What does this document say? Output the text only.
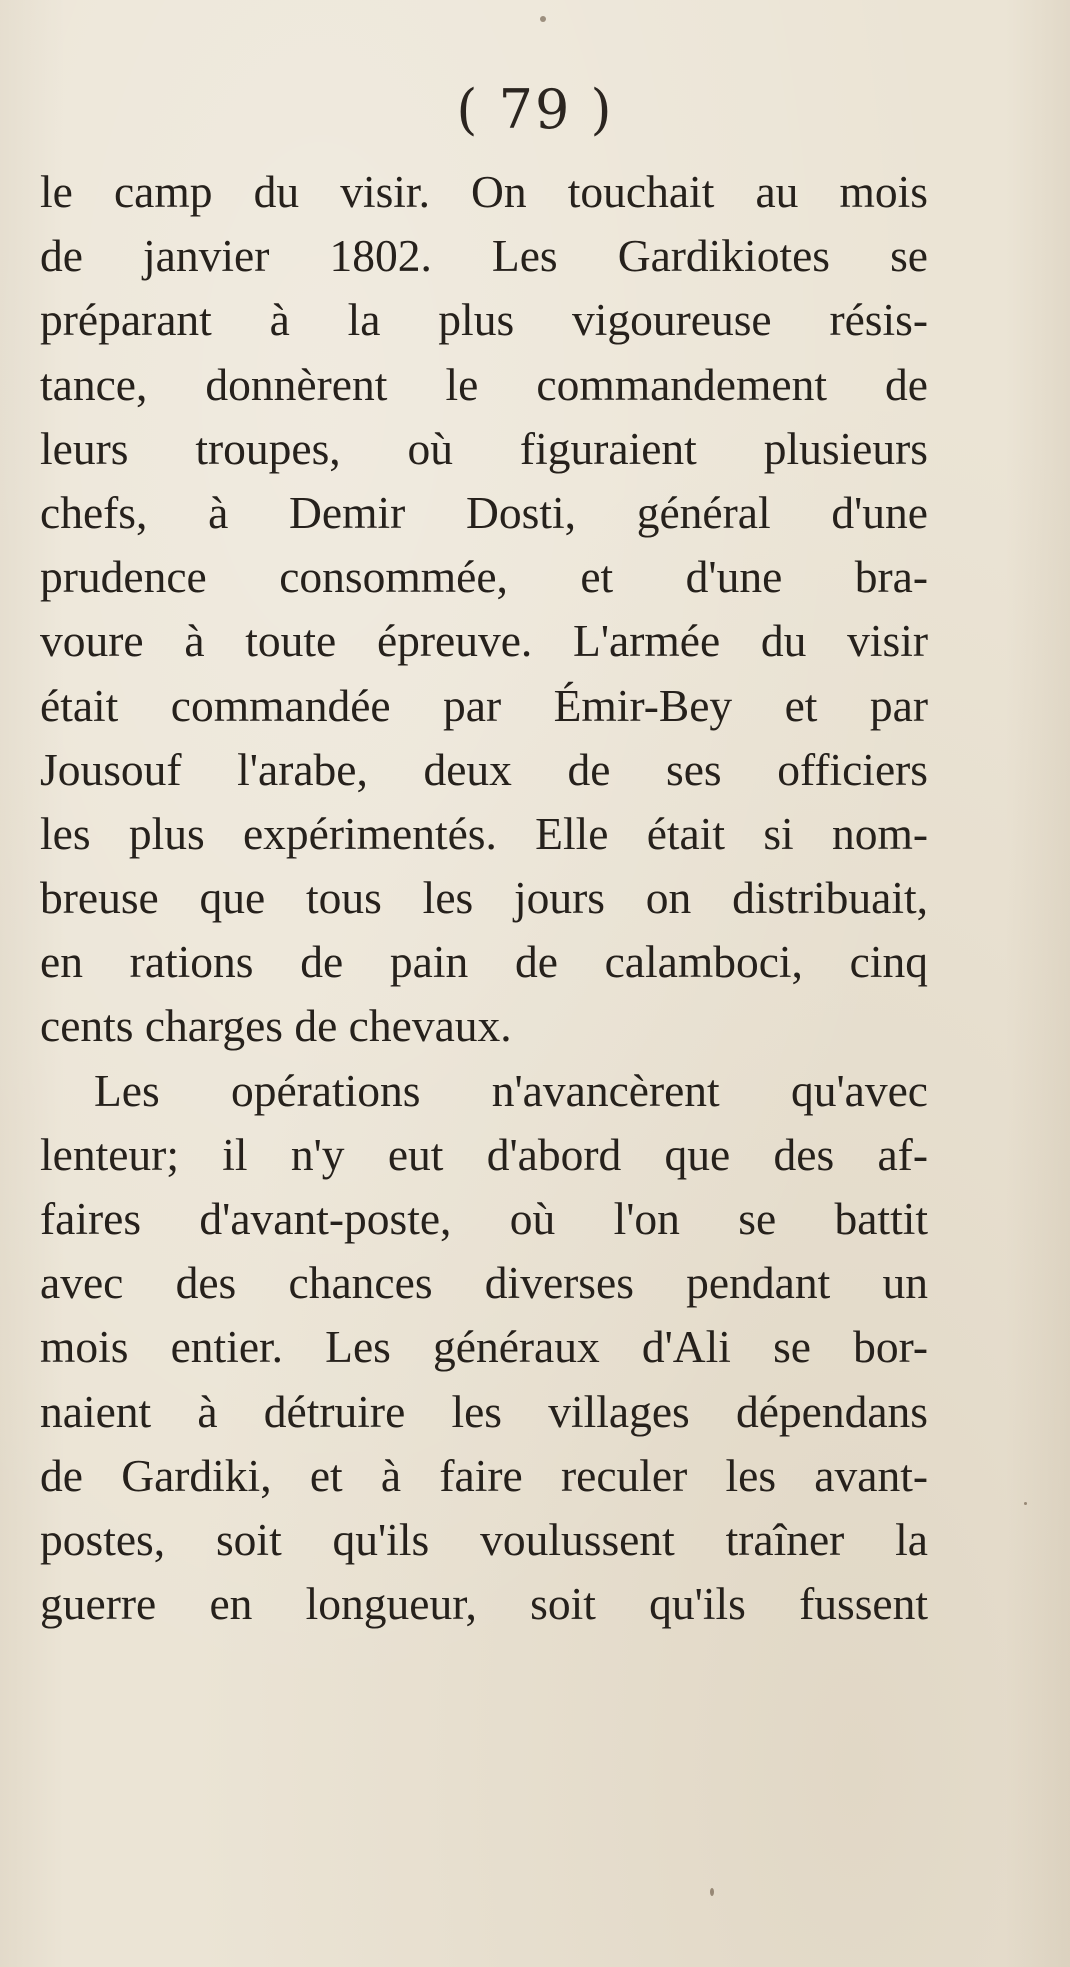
( 79 )
le camp du visir. On touchait au mois
de janvier 1802. Les Gardikiotes se
préparant à la plus vigoureuse résis-
tance, donnèrent le commandement de
leurs troupes, où figuraient plusieurs
chefs, à Demir Dosti, général d'une
prudence consommée, et d'une bra-
voure à toute épreuve. L'armée du visir
était commandée par Émir-Bey et par
Jousouf l'arabe, deux de ses officiers
les plus expérimentés. Elle était si nom-
breuse que tous les jours on distribuait,
en rations de pain de calamboci, cinq
cents charges de chevaux.
Les opérations n'avancèrent qu'avec
lenteur; il n'y eut d'abord que des af-
faires d'avant-poste, où l'on se battit
avec des chances diverses pendant un
mois entier. Les généraux d'Ali se bor-
naient à détruire les villages dépendans
de Gardiki, et à faire reculer les avant-
postes, soit qu'ils voulussent traîner la
guerre en longueur, soit qu'ils fussent
